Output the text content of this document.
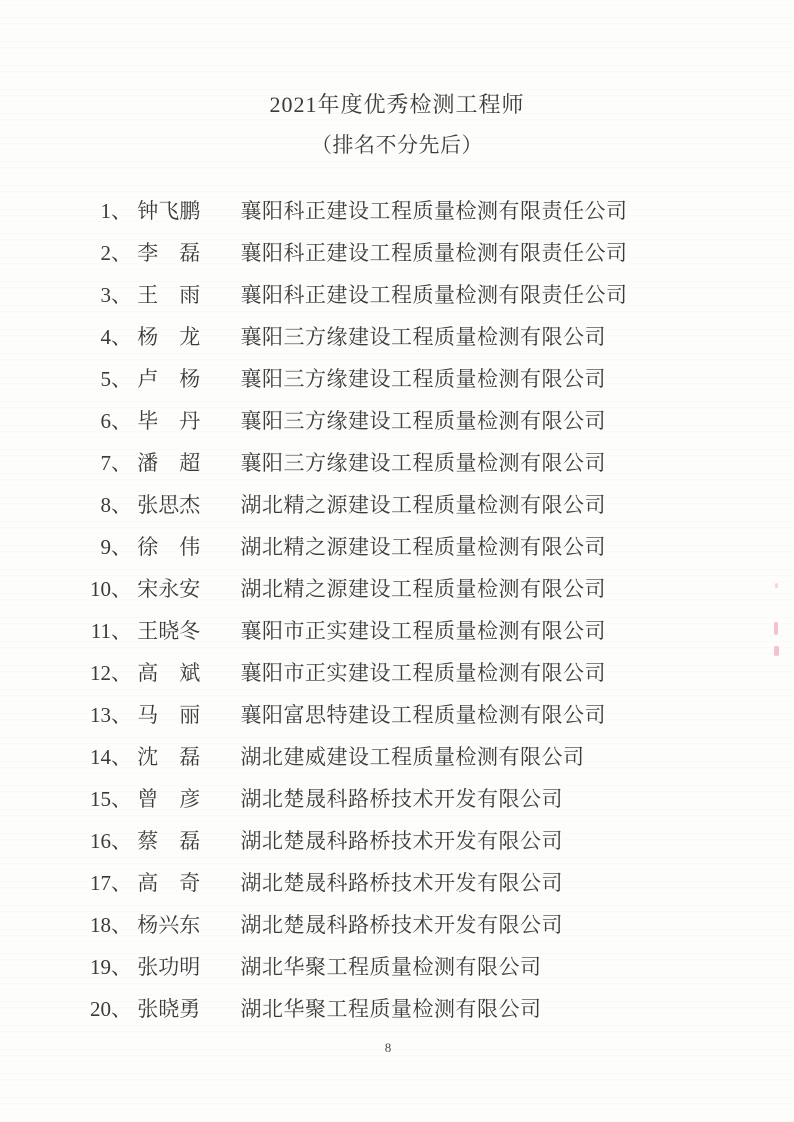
2021年度优秀检测工程师
（排名不分先后）
1、 钟飞鹏 襄阳科正建设工程质量检测有限责任公司
2、 李　磊 襄阳科正建设工程质量检测有限责任公司
3、 王　雨 襄阳科正建设工程质量检测有限责任公司
4、 杨　龙 襄阳三方缘建设工程质量检测有限公司
5、 卢　杨 襄阳三方缘建设工程质量检测有限公司
6、 毕　丹 襄阳三方缘建设工程质量检测有限公司
7、 潘　超 襄阳三方缘建设工程质量检测有限公司
8、 张思杰 湖北精之源建设工程质量检测有限公司
9、 徐　伟 湖北精之源建设工程质量检测有限公司
10、 宋永安 湖北精之源建设工程质量检测有限公司
11、 王晓冬 襄阳市正实建设工程质量检测有限公司
12、 高　斌 襄阳市正实建设工程质量检测有限公司
13、 马　丽 襄阳富思特建设工程质量检测有限公司
14、 沈　磊 湖北建威建设工程质量检测有限公司
15、 曾　彦 湖北楚晟科路桥技术开发有限公司
16、 蔡　磊 湖北楚晟科路桥技术开发有限公司
17、 高　奇 湖北楚晟科路桥技术开发有限公司
18、 杨兴东 湖北楚晟科路桥技术开发有限公司
19、 张功明 湖北华聚工程质量检测有限公司
20、 张晓勇 湖北华聚工程质量检测有限公司
8
